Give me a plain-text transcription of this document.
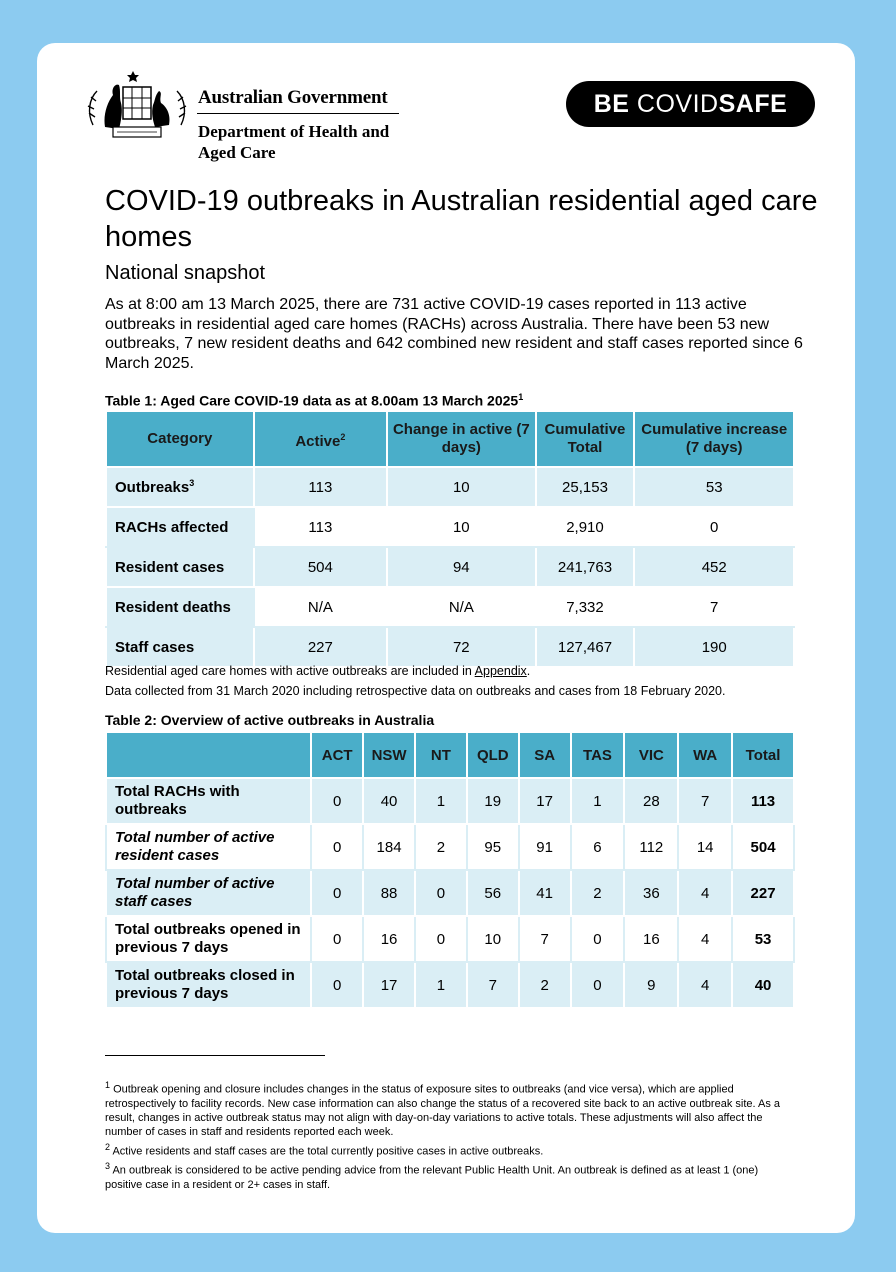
Australian Government
Department of Health and Aged Care
BE COVIDSAFE
COVID-19 outbreaks in Australian residential aged care homes
National snapshot
As at 8:00 am 13 March 2025, there are 731 active COVID-19 cases reported in 113 active outbreaks in residential aged care homes (RACHs) across Australia. There have been 53 new outbreaks, 7 new resident deaths and 642 combined new resident and staff cases reported since 6 March 2025.
Table 1: Aged Care COVID-19 data as at 8.00am 13 March 2025$^1$
Category	Active$^2$	Change in active (7 days)	Cumulative Total	Cumulative increase (7 days)
Outbreaks$^3$	113	10	25,153	53
RACHs affected	113	10	2,910	0
Resident cases	504	94	241,763	452
Resident deaths	N/A	N/A	7,332	7
Staff cases	227	72	127,467	190
Residential aged care homes with active outbreaks are included in Appendix.
Data collected from 31 March 2020 including retrospective data on outbreaks and cases from 18 February 2020.
Table 2: Overview of active outbreaks in Australia
	ACT	NSW	NT	QLD	SA	TAS	VIC	WA	Total
Total RACHs with outbreaks	0	40	1	19	17	1	28	7	113
Total number of active resident cases	0	184	2	95	91	6	112	14	504
Total number of active staff cases	0	88	0	56	41	2	36	4	227
Total outbreaks opened in previous 7 days	0	16	0	10	7	0	16	4	53
Total outbreaks closed in previous 7 days	0	17	1	7	2	0	9	4	40
$^1$ Outbreak opening and closure includes changes in the status of exposure sites to outbreaks (and vice versa), which are applied retrospectively to facility records. New case information can also change the status of a recovered site back to an active outbreak site. As a result, changes in active outbreak status may not align with day-on-day variations to active totals. These adjustments will also affect the number of cases in staff and residents reported each week.
$^2$ Active residents and staff cases are the total currently positive cases in active outbreaks.
$^3$ An outbreak is considered to be active pending advice from the relevant Public Health Unit. An outbreak is defined as at least 1 (one) positive case in a resident or 2+ cases in staff.
